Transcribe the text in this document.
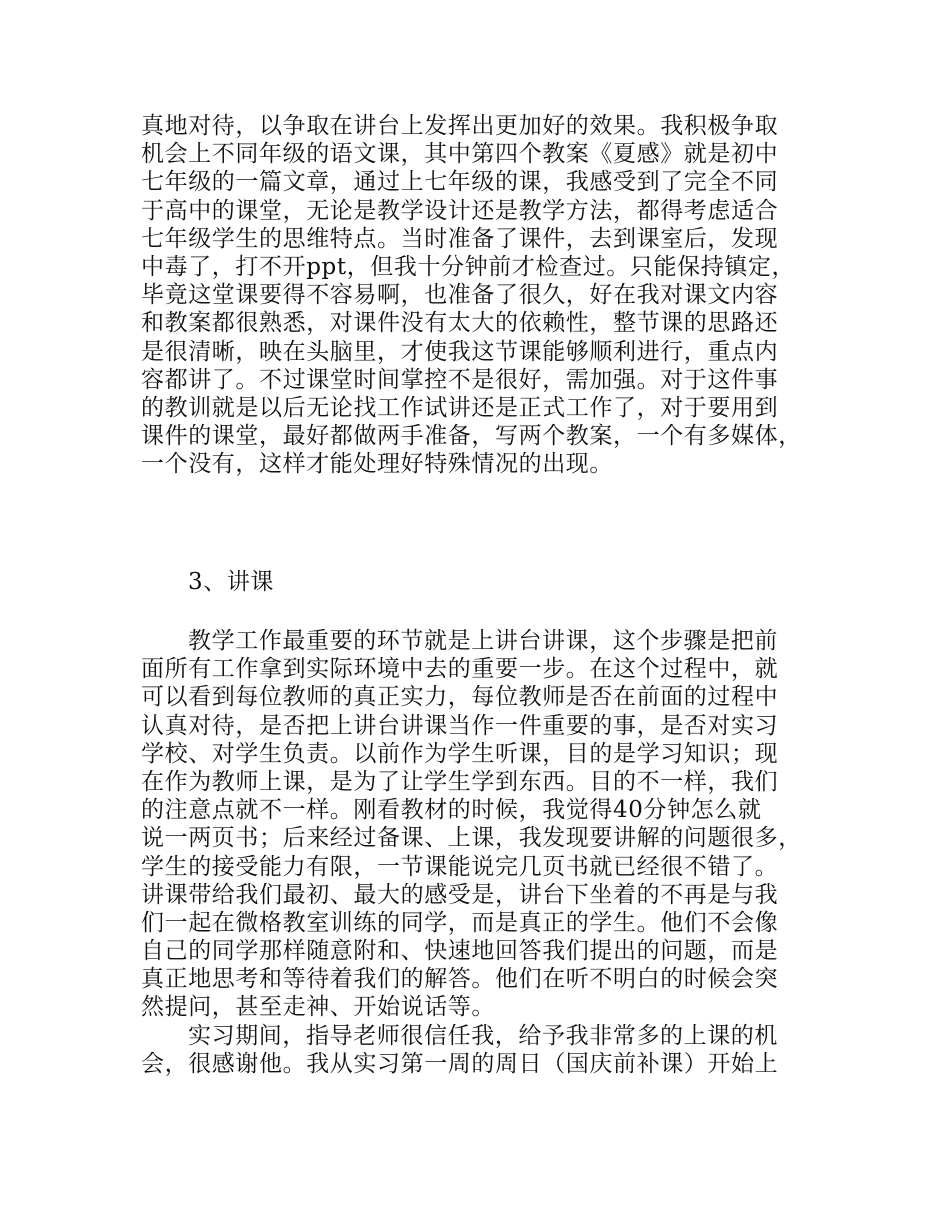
真地对待，以争取在讲台上发挥出更加好的效果。我积极争取
机会上不同年级的语文课，其中第四个教案《夏感》就是初中
七年级的一篇文章，通过上七年级的课，我感受到了完全不同
于高中的课堂，无论是教学设计还是教学方法，都得考虑适合
七年级学生的思维特点。当时准备了课件，去到课室后，发现
中毒了，打不开ppt，但我十分钟前才检查过。只能保持镇定，
毕竟这堂课要得不容易啊，也准备了很久，好在我对课文内容
和教案都很熟悉，对课件没有太大的依赖性，整节课的思路还
是很清晰，映在头脑里，才使我这节课能够顺利进行，重点内
容都讲了。不过课堂时间掌控不是很好，需加强。对于这件事
的教训就是以后无论找工作试讲还是正式工作了，对于要用到
课件的课堂，最好都做两手准备，写两个教案，一个有多媒体，
一个没有，这样才能处理好特殊情况的出现。
3、讲课
教学工作最重要的环节就是上讲台讲课，这个步骤是把前
面所有工作拿到实际环境中去的重要一步。在这个过程中，就
可以看到每位教师的真正实力，每位教师是否在前面的过程中
认真对待，是否把上讲台讲课当作一件重要的事，是否对实习
学校、对学生负责。以前作为学生听课，目的是学习知识；现
在作为教师上课，是为了让学生学到东西。目的不一样，我们
的注意点就不一样。刚看教材的时候，我觉得40分钟怎么就
说一两页书；后来经过备课、上课，我发现要讲解的问题很多，
学生的接受能力有限，一节课能说完几页书就已经很不错了。
讲课带给我们最初、最大的感受是，讲台下坐着的不再是与我
们一起在微格教室训练的同学，而是真正的学生。他们不会像
自己的同学那样随意附和、快速地回答我们提出的问题，而是
真正地思考和等待着我们的解答。他们在听不明白的时候会突
然提问，甚至走神、开始说话等。
实习期间，指导老师很信任我，给予我非常多的上课的机
会，很感谢他。我从实习第一周的周日（国庆前补课）开始上
